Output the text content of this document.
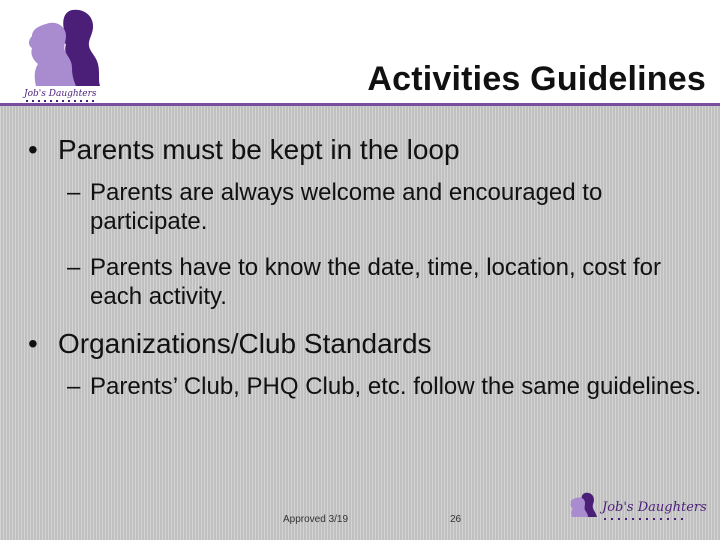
Job's Daughters	Activities Guidelines
• Parents must be kept in the loop
– Parents are always welcome and encouraged to participate.
– Parents have to know the date, time, location, cost for each activity.
• Organizations/Club Standards
– Parents’ Club, PHQ Club, etc. follow the same guidelines.
Approved 3/19	26
Job's Daughters
